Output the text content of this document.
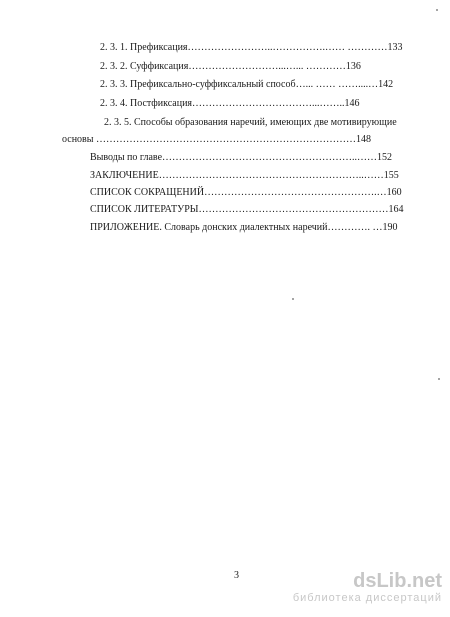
2. 3. 1. Префиксация……………………..…………….…… …………133
2. 3. 2. Суффиксация………………………...…... …………136
2. 3. 3. Префиксально-суффиксальный способ…... …… ……....…142
2. 3. 4. Постфиксация………………………………...……..146
2. 3. 5. Способы образования наречий, имеющих две мотивирующие
основы ……………………………………………………………………148
Выводы по главе…………………………………………………..……152
ЗАКЛЮЧЕНИЕ……………………………………………………..……155
СПИСОК СОКРАЩЕНИЙ…………………………………………….…160
СПИСОК ЛИТЕРАТУРЫ…………………………………………………164
ПРИЛОЖЕНИЕ. Словарь донских диалектных наречий…………. …190
3	dsLib.net
библиотека диссертаций
